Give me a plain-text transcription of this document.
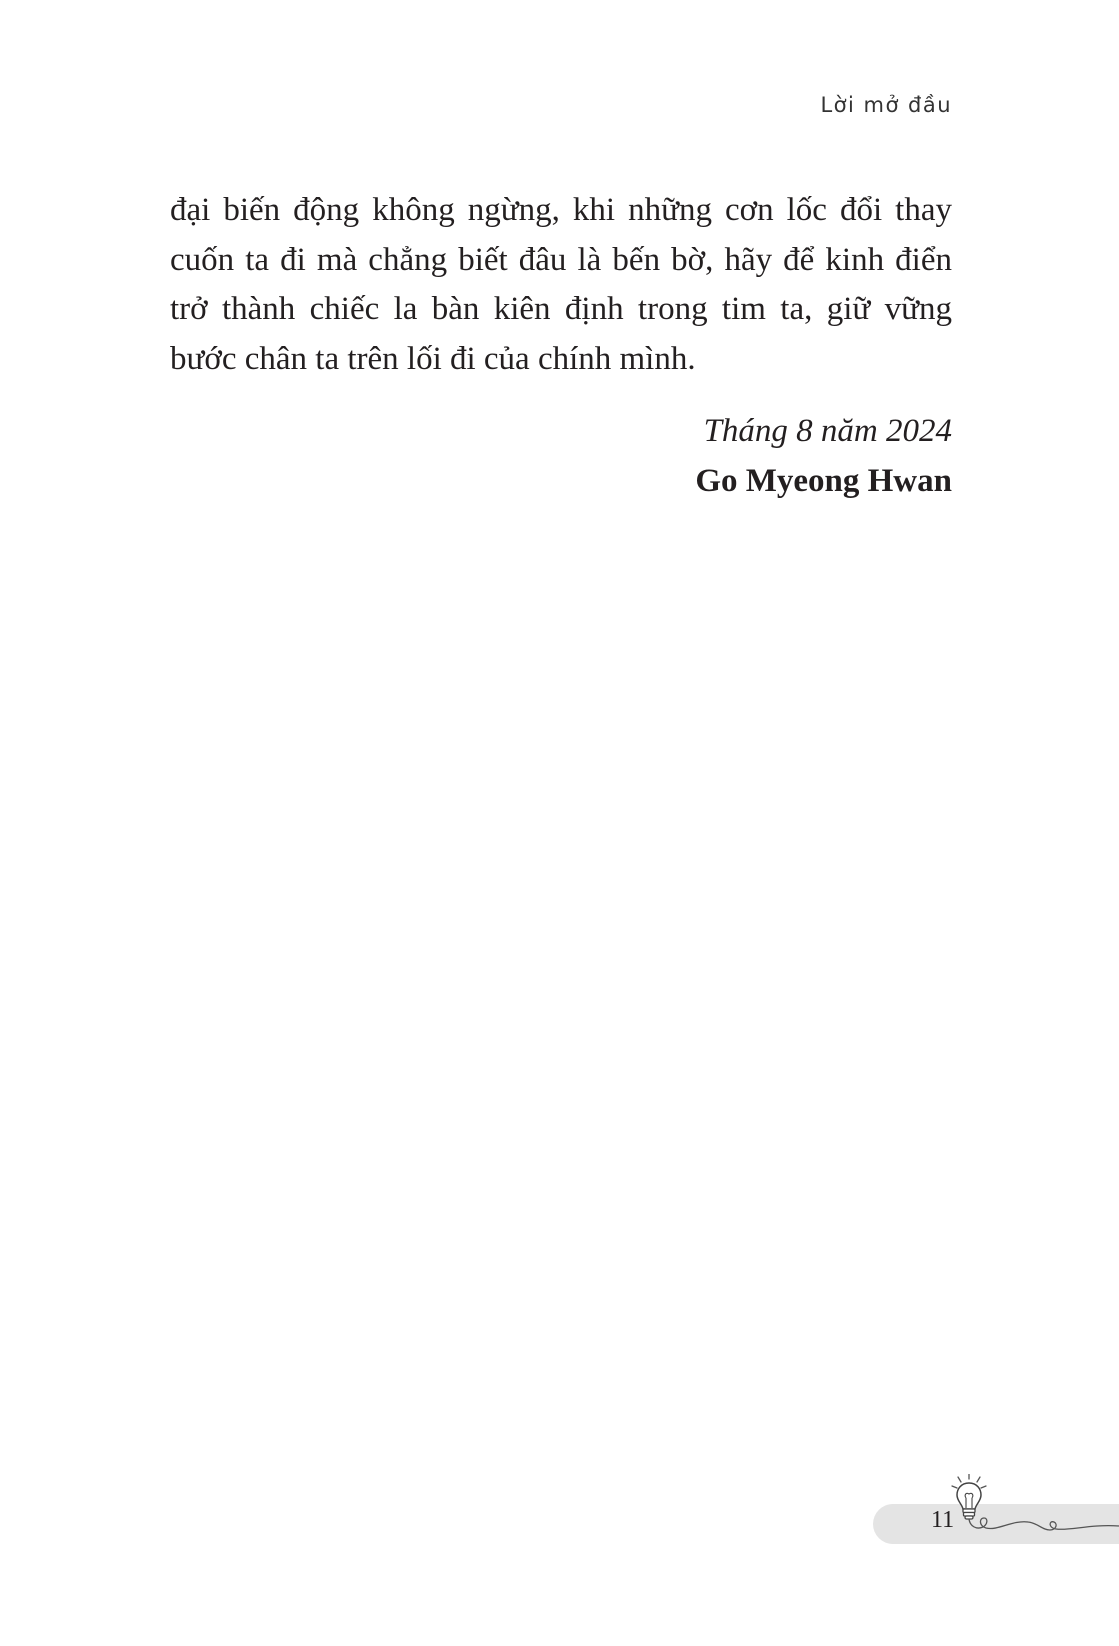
Lời mở đầu
đại biến động không ngừng, khi những cơn lốc đổi thay
cuốn ta đi mà chẳng biết đâu là bến bờ, hãy để kinh điển
trở thành chiếc la bàn kiên định trong tim ta, giữ vững
bước chân ta trên lối đi của chính mình.
Tháng 8 năm 2024
Go Myeong Hwan
11
